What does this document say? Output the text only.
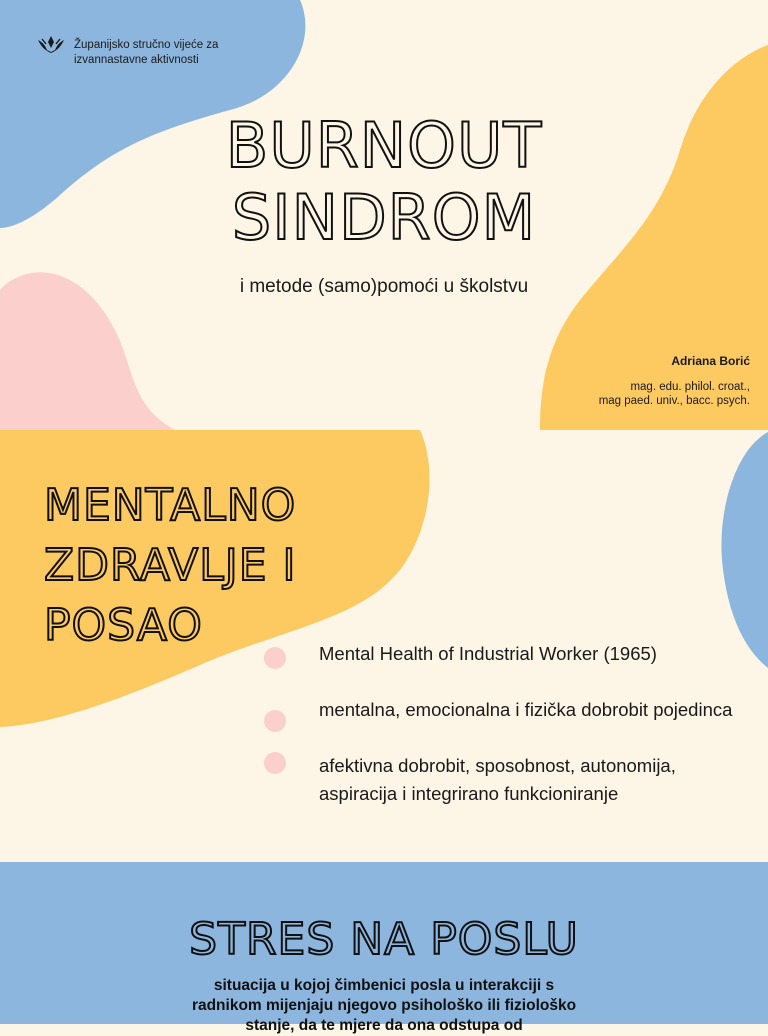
Županijsko stručno vijeće za
izvannastavne aktivnosti
BURNOUT
SINDROM
i metode (samo)pomoći u školstvu
Adriana Borić
mag. edu. philol. croat.,
mag paed. univ., bacc. psych.
MENTALNO
ZDRAVLJE I
POSAO
Mental Health of Industrial Worker (1965)
mentalna, emocionalna i fizička dobrobit pojedinca
afektivna dobrobit, sposobnost, autonomija, aspiracija i integrirano funkcioniranje
STRES NA POSLU
situacija u kojoj čimbenici posla u interakciji s radnikom mijenjaju njegovo psihološko ili fiziološko stanje, da te mjere da ona odstupa od
